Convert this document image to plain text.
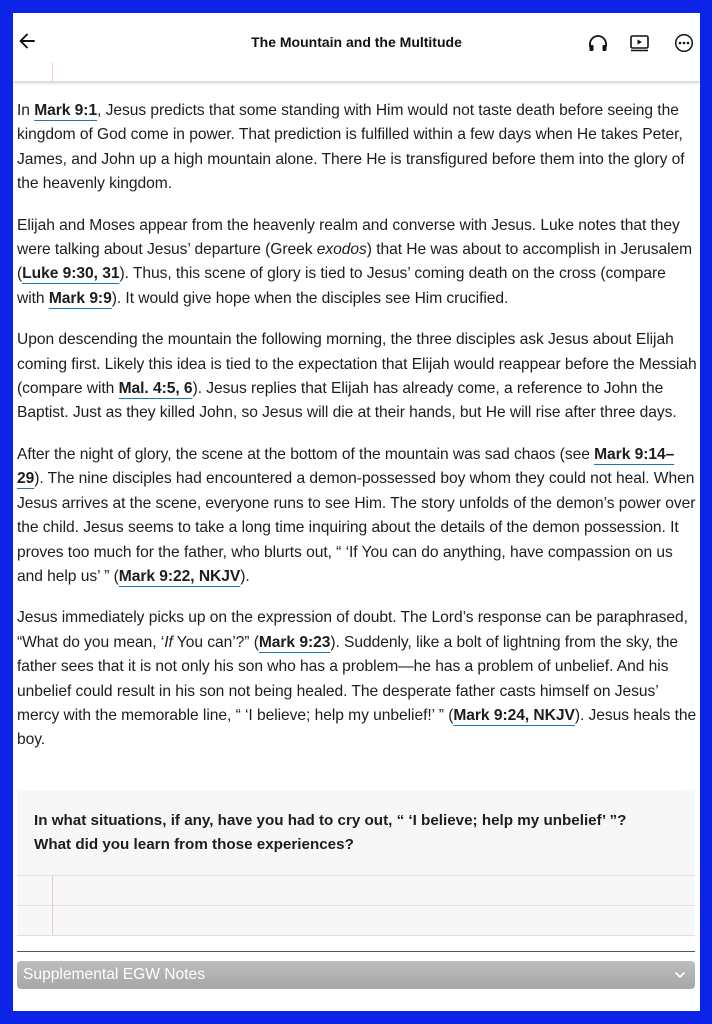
The Mountain and the Multitude

In Mark 9:1, Jesus predicts that some standing with Him would not taste death before seeing the kingdom of God come in power. That prediction is fulfilled within a few days when He takes Peter, James, and John up a high mountain alone. There He is transfigured before them into the glory of the heavenly kingdom.

Elijah and Moses appear from the heavenly realm and converse with Jesus. Luke notes that they were talking about Jesus’ departure (Greek exodos) that He was about to accomplish in Jerusalem (Luke 9:30, 31). Thus, this scene of glory is tied to Jesus’ coming death on the cross (compare with Mark 9:9). It would give hope when the disciples see Him crucified.

Upon descending the mountain the following morning, the three disciples ask Jesus about Elijah coming first. Likely this idea is tied to the expectation that Elijah would reappear before the Messiah (compare with Mal. 4:5, 6). Jesus replies that Elijah has already come, a reference to John the Baptist. Just as they killed John, so Jesus will die at their hands, but He will rise after three days.

After the night of glory, the scene at the bottom of the mountain was sad chaos (see Mark 9:14–29). The nine disciples had encountered a demon-possessed boy whom they could not heal. When Jesus arrives at the scene, everyone runs to see Him. The story unfolds of the demon’s power over the child. Jesus seems to take a long time inquiring about the details of the demon possession. It proves too much for the father, who blurts out, “ ‘If You can do anything, have compassion on us and help us’ ” (Mark 9:22, NKJV).

Jesus immediately picks up on the expression of doubt. The Lord’s response can be paraphrased, “What do you mean, ‘If You can’?” (Mark 9:23). Suddenly, like a bolt of lightning from the sky, the father sees that it is not only his son who has a problem—he has a problem of unbelief. And his unbelief could result in his son not being healed. The desperate father casts himself on Jesus’ mercy with the memorable line, “ ‘I believe; help my unbelief!’ ” (Mark 9:24, NKJV). Jesus heals the boy.

In what situations, if any, have you had to cry out, “ ‘I believe; help my unbelief’ ”? What did you learn from those experiences?
Supplemental EGW Notes
